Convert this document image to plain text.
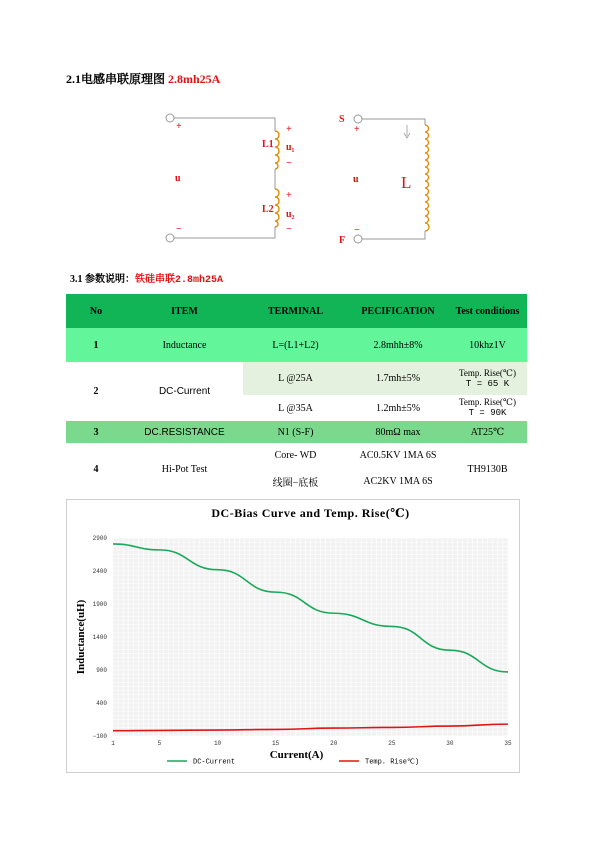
2.1电感串联原理图 2.8mh25A
+
−
u
L1
L2
+
u₁
−
+
u₂
−
S
F
+
−
u L
3.1 参数说明：铁硅串联2.8mh25A
No	ITEM	TERMINAL	PECIFICATION	Test conditions
1	Inductance	L=(L1+L2)	2.8mhh±8%	10khz1V
2	DC-Current	L @25A	1.7mh±5%	Temp. Rise(℃)
T = 65 K

		L @35A	1.2mh±5%	Temp. Rise(℃)
T = 90K

3	DC.RESISTANCE	N1 (S-F)	80mΩ max	AT25℃
4	Hi-Pot Test	Core- WD	AC0.5KV 1MA 6S	TH9130B
		线圈−底板	AC2KV 1MA 6S	
DC-Bias Curve and Temp. Rise(℃)
2900
2400
1900
1400
900
400
−100
1	5	10	15	20	25	30	35
Current(A)
Inductance(uH)
DC-Current	Temp. Rise℃)
